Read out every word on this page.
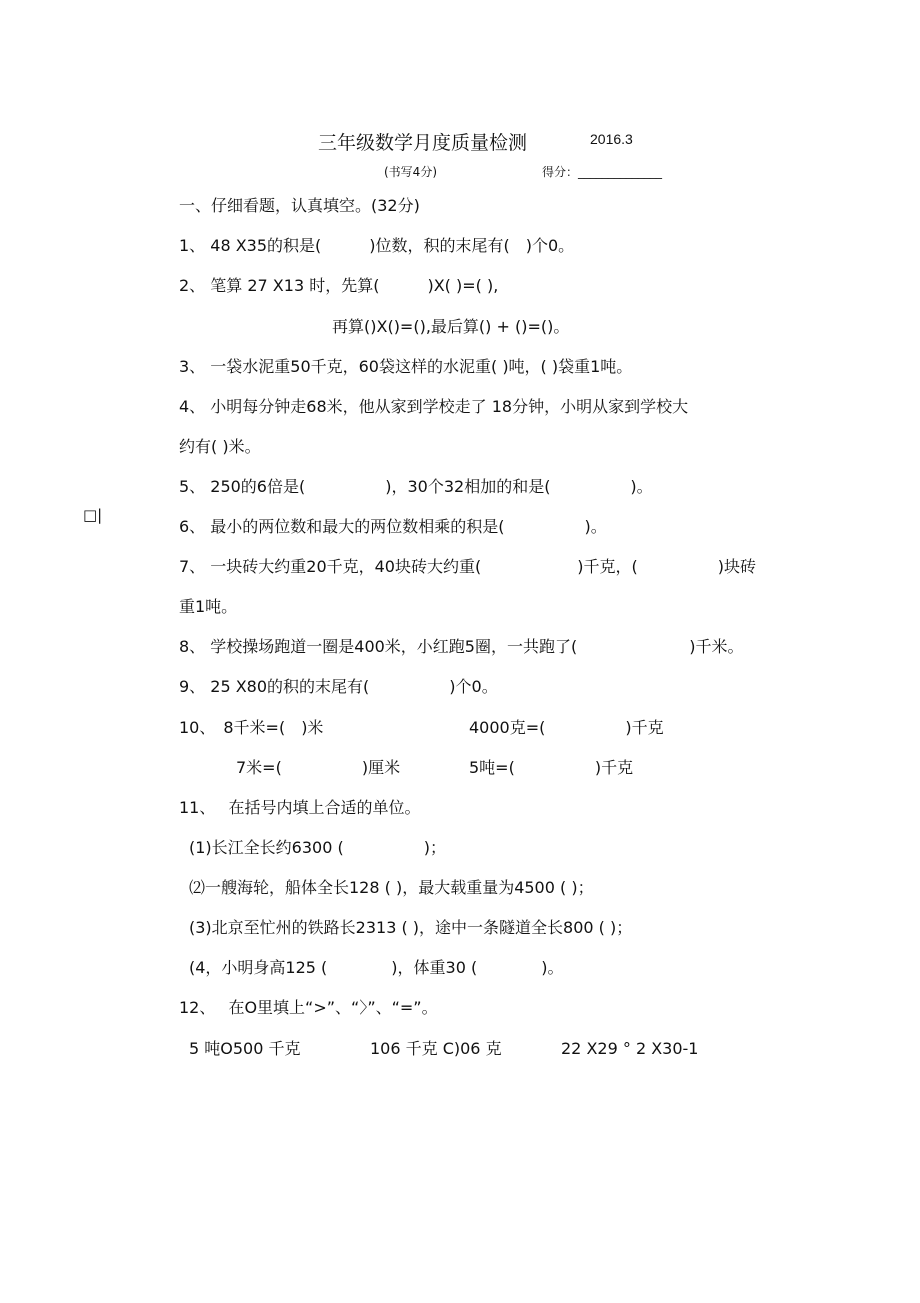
三年级数学月度质量检测	2016.3
(书写4分)	得分：______________
□|
一、仔细看题，认真填空。(32分)
1、 48 X35的积是(　　　)位数，积的末尾有(　)个0。
2、 笔算 27 X13 时，先算(　　　)X( )=( ),
再算()X()=(),最后算() + ()=()。
3、 一袋水泥重50千克，60袋这样的水泥重( )吨，( )袋重1吨。
4、 小明每分钟走68米，他从家到学校走了 18分钟，小明从家到学校大
约有( )米。
5、 250的6倍是(　　　　　)，30个32相加的和是(　　　　　)。
6、 最小的两位数和最大的两位数相乘的积是(　　　　　)。
7、 一块砖大约重20千克，40块砖大约重(　　　　　　)千克，(　　　　　)块砖
重1吨。
8、 学校操场跑道一圈是400米，小红跑5圈，一共跑了(　　　　　　　)千米。
9、 25 X80的积的末尾有(　　　　　)个0。
10、　8千米=(　)米	4000克=(　　　　　)千克
7米=(　　　　　)厘米	5吨=(　　　　　)千克
11、　 在括号内填上合适的单位。
(1)长江全长约6300 (　　　　　)；
⑵一艘海轮，船体全长128 ( )，最大载重量为4500 ( )；
(3)北京至忙州的铁路长2313 ( )，途中一条隧道全长800 ( )；
(4，小明身高125 (　　　　)，体重30 (　　　　)。
12、　 在O里填上“>”、“〉”、“=”。
5 吨O500 千克	106 千克 C)06 克	22 X29 ° 2 X30-1
